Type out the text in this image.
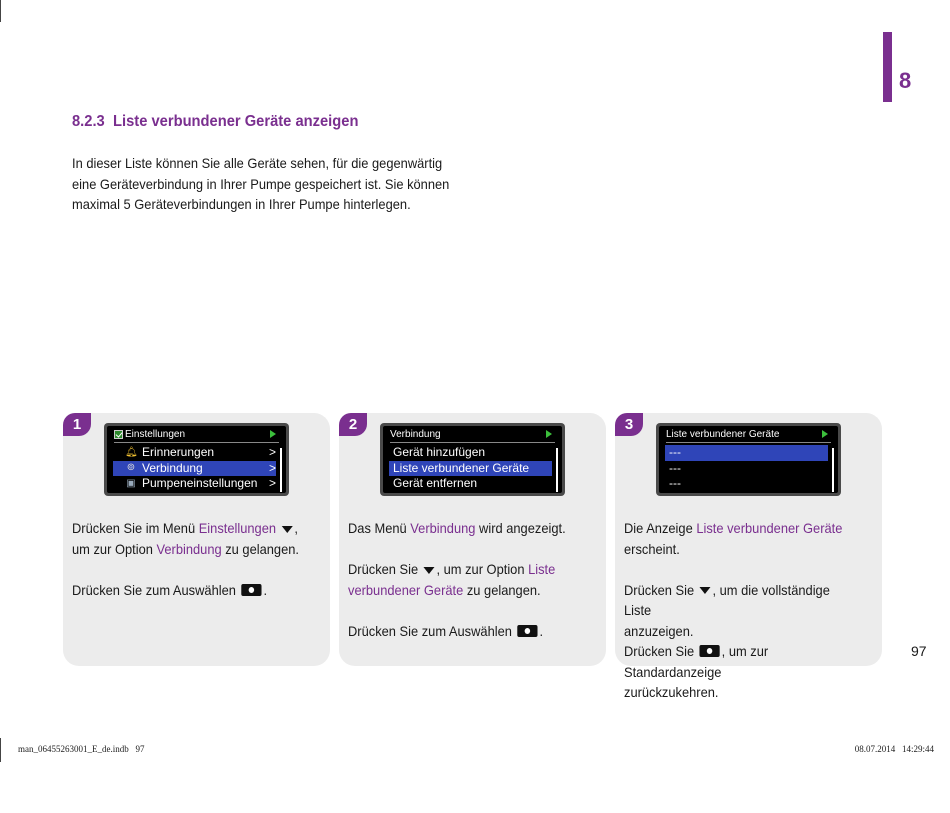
8
8.2.3 Liste verbundener Geräte anzeigen
In dieser Liste können Sie alle Geräte sehen, für die gegenwärtig
eine Geräteverbindung in Ihrer Pumpe gespeichert ist. Sie können
maximal 5 Geräteverbindungen in Ihrer Pumpe hinterlegen.
1
Einstellungen
🔔︎ Erinnerungen	>
⊚ Verbindung	>
▣ Pumpeneinstellungen >

Drücken Sie im Menü Einstellungen ,

um zur Option Verbindung zu gelangen.

Drücken Sie zum Auswählen .

2
Verbindung
Gerät hinzufügen
Liste verbundener Geräte
Gerät entfernen

Das Menü Verbindung wird angezeigt.

Drücken Sie , um zur Option Liste

verbundener Geräte zu gelangen.

Drücken Sie zum Auswählen .

3
Liste verbundener Geräte
---
---
---

Die Anzeige Liste verbundener Geräte

erscheint.

Drücken Sie , um die vollständige Liste

anzuzeigen.

Drücken Sie , um zur Standardanzeige

zurückzukehren.

97
man_06455263001_E_de.indb   97	08.07.2014   14:29:44
